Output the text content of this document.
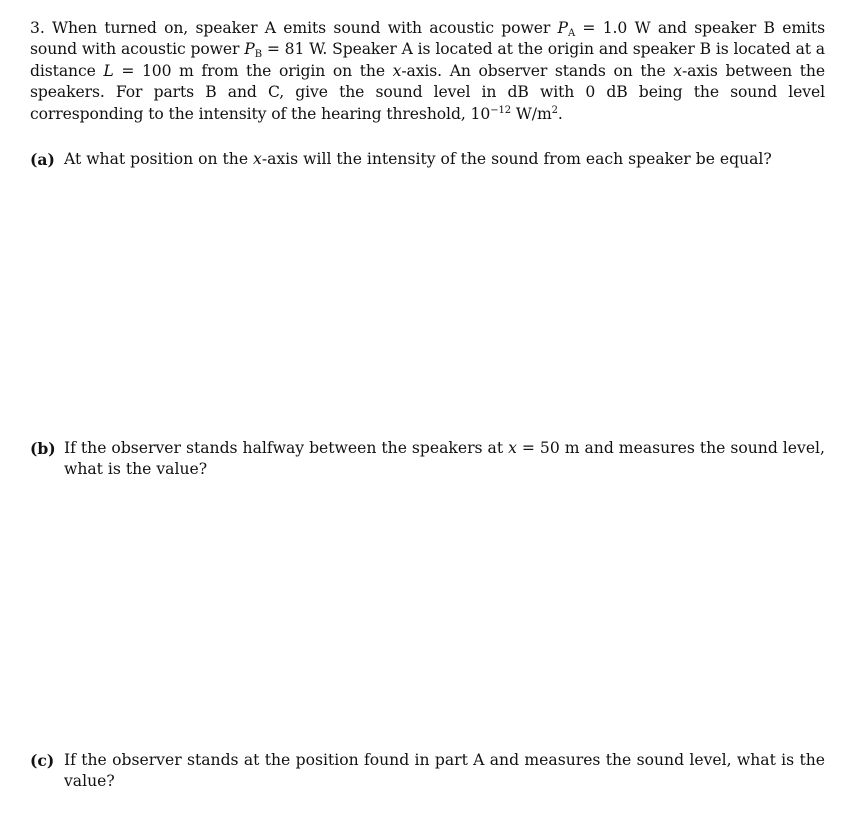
3. When turned on, speaker A emits sound with acoustic power $P_A = 1.0$ W and speaker B emits sound with acoustic power $P_B = 81$ W. Speaker A is located at the origin and speaker B is located at a distance L = 100 m from the origin on the x-axis. An observer stands on the x-axis between the speakers. For parts B and C, give the sound level in dB with 0 dB being the sound level corresponding to the intensity of the hearing threshold, $10^{-12}$ $W/m^2$.

(a) At what position on the x-axis will the intensity of the sound from each speaker be equal?
(b) If the observer stands halfway between the speakers at x = 50 m and measures the sound level, what is the value?
(c) If the observer stands at the position found in part A and measures the sound level, what is the value?
